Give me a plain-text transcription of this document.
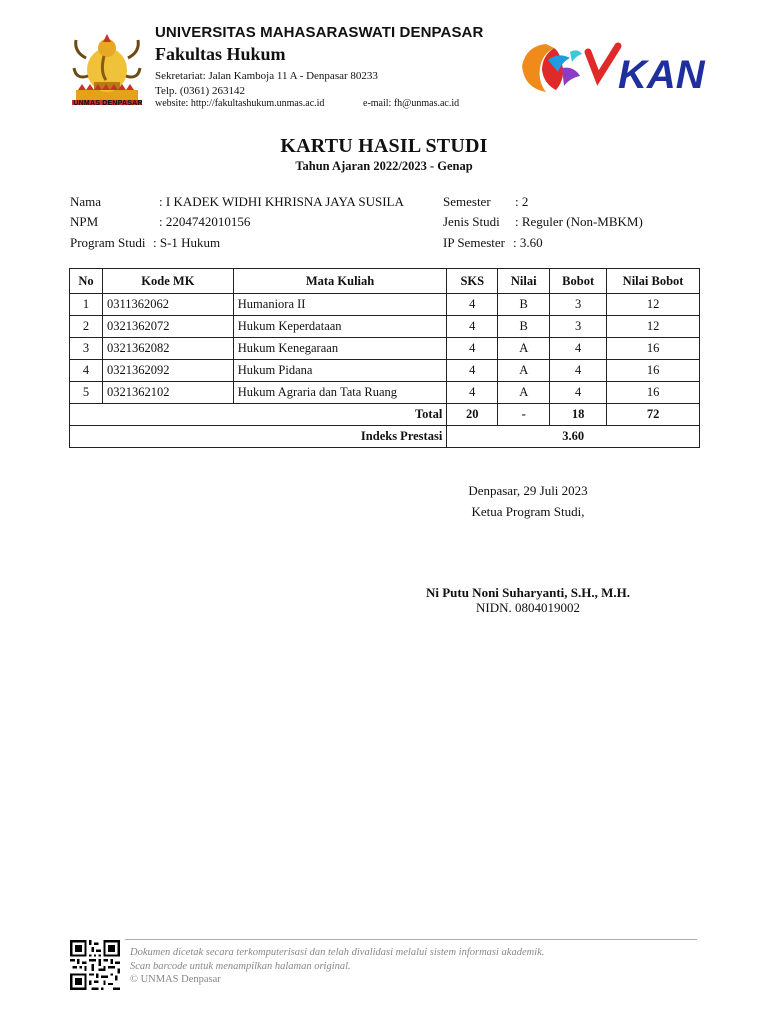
UNMAS DENPASAR
UNIVERSITAS MAHASARASWATI DENPASAR
Fakultas Hukum
Sekretariat: Jalan Kamboja 11 A - Denpasar 80233
Telp. (0361) 263142
website: http://fakultashukum.unmas.ac.id	e-mail: fh@unmas.ac.id
KAN
KARTU HASIL STUDI
Tahun Ajaran 2022/2023 - Genap
Nama	: I KADEK WIDHI KHRISNA JAYA SUSILA
NPM	: 2204742010156
Program Studi : S-1 Hukum
Semester : 2
Jenis Studi : Reguler (Non-MBKM)
IP Semester : 3.60
No	Kode MK	Mata Kuliah	SKS	Nilai	Bobot	Nilai Bobot
1	0311362062	Humaniora II	4	B	3	12
2	0321362072	Hukum Keperdataan	4	B	3	12
3	0321362082	Hukum Kenegaraan	4	A	4	16
4	0321362092	Hukum Pidana	4	A	4	16
5	0321362102	Hukum Agraria dan Tata Ruang	4	A	4	16
Total			20	-	18	72
Indeks Prestasi			3.60			
Denpasar, 29 Juli 2023
Ketua Program Studi,
Ni Putu Noni Suharyanti, S.H., M.H.
NIDN. 0804019002
Dokumen dicetak secara terkomputerisasi dan telah divalidasi melalui sistem informasi akademik.
Scan barcode untuk menampilkan halaman original.
© UNMAS Denpasar
